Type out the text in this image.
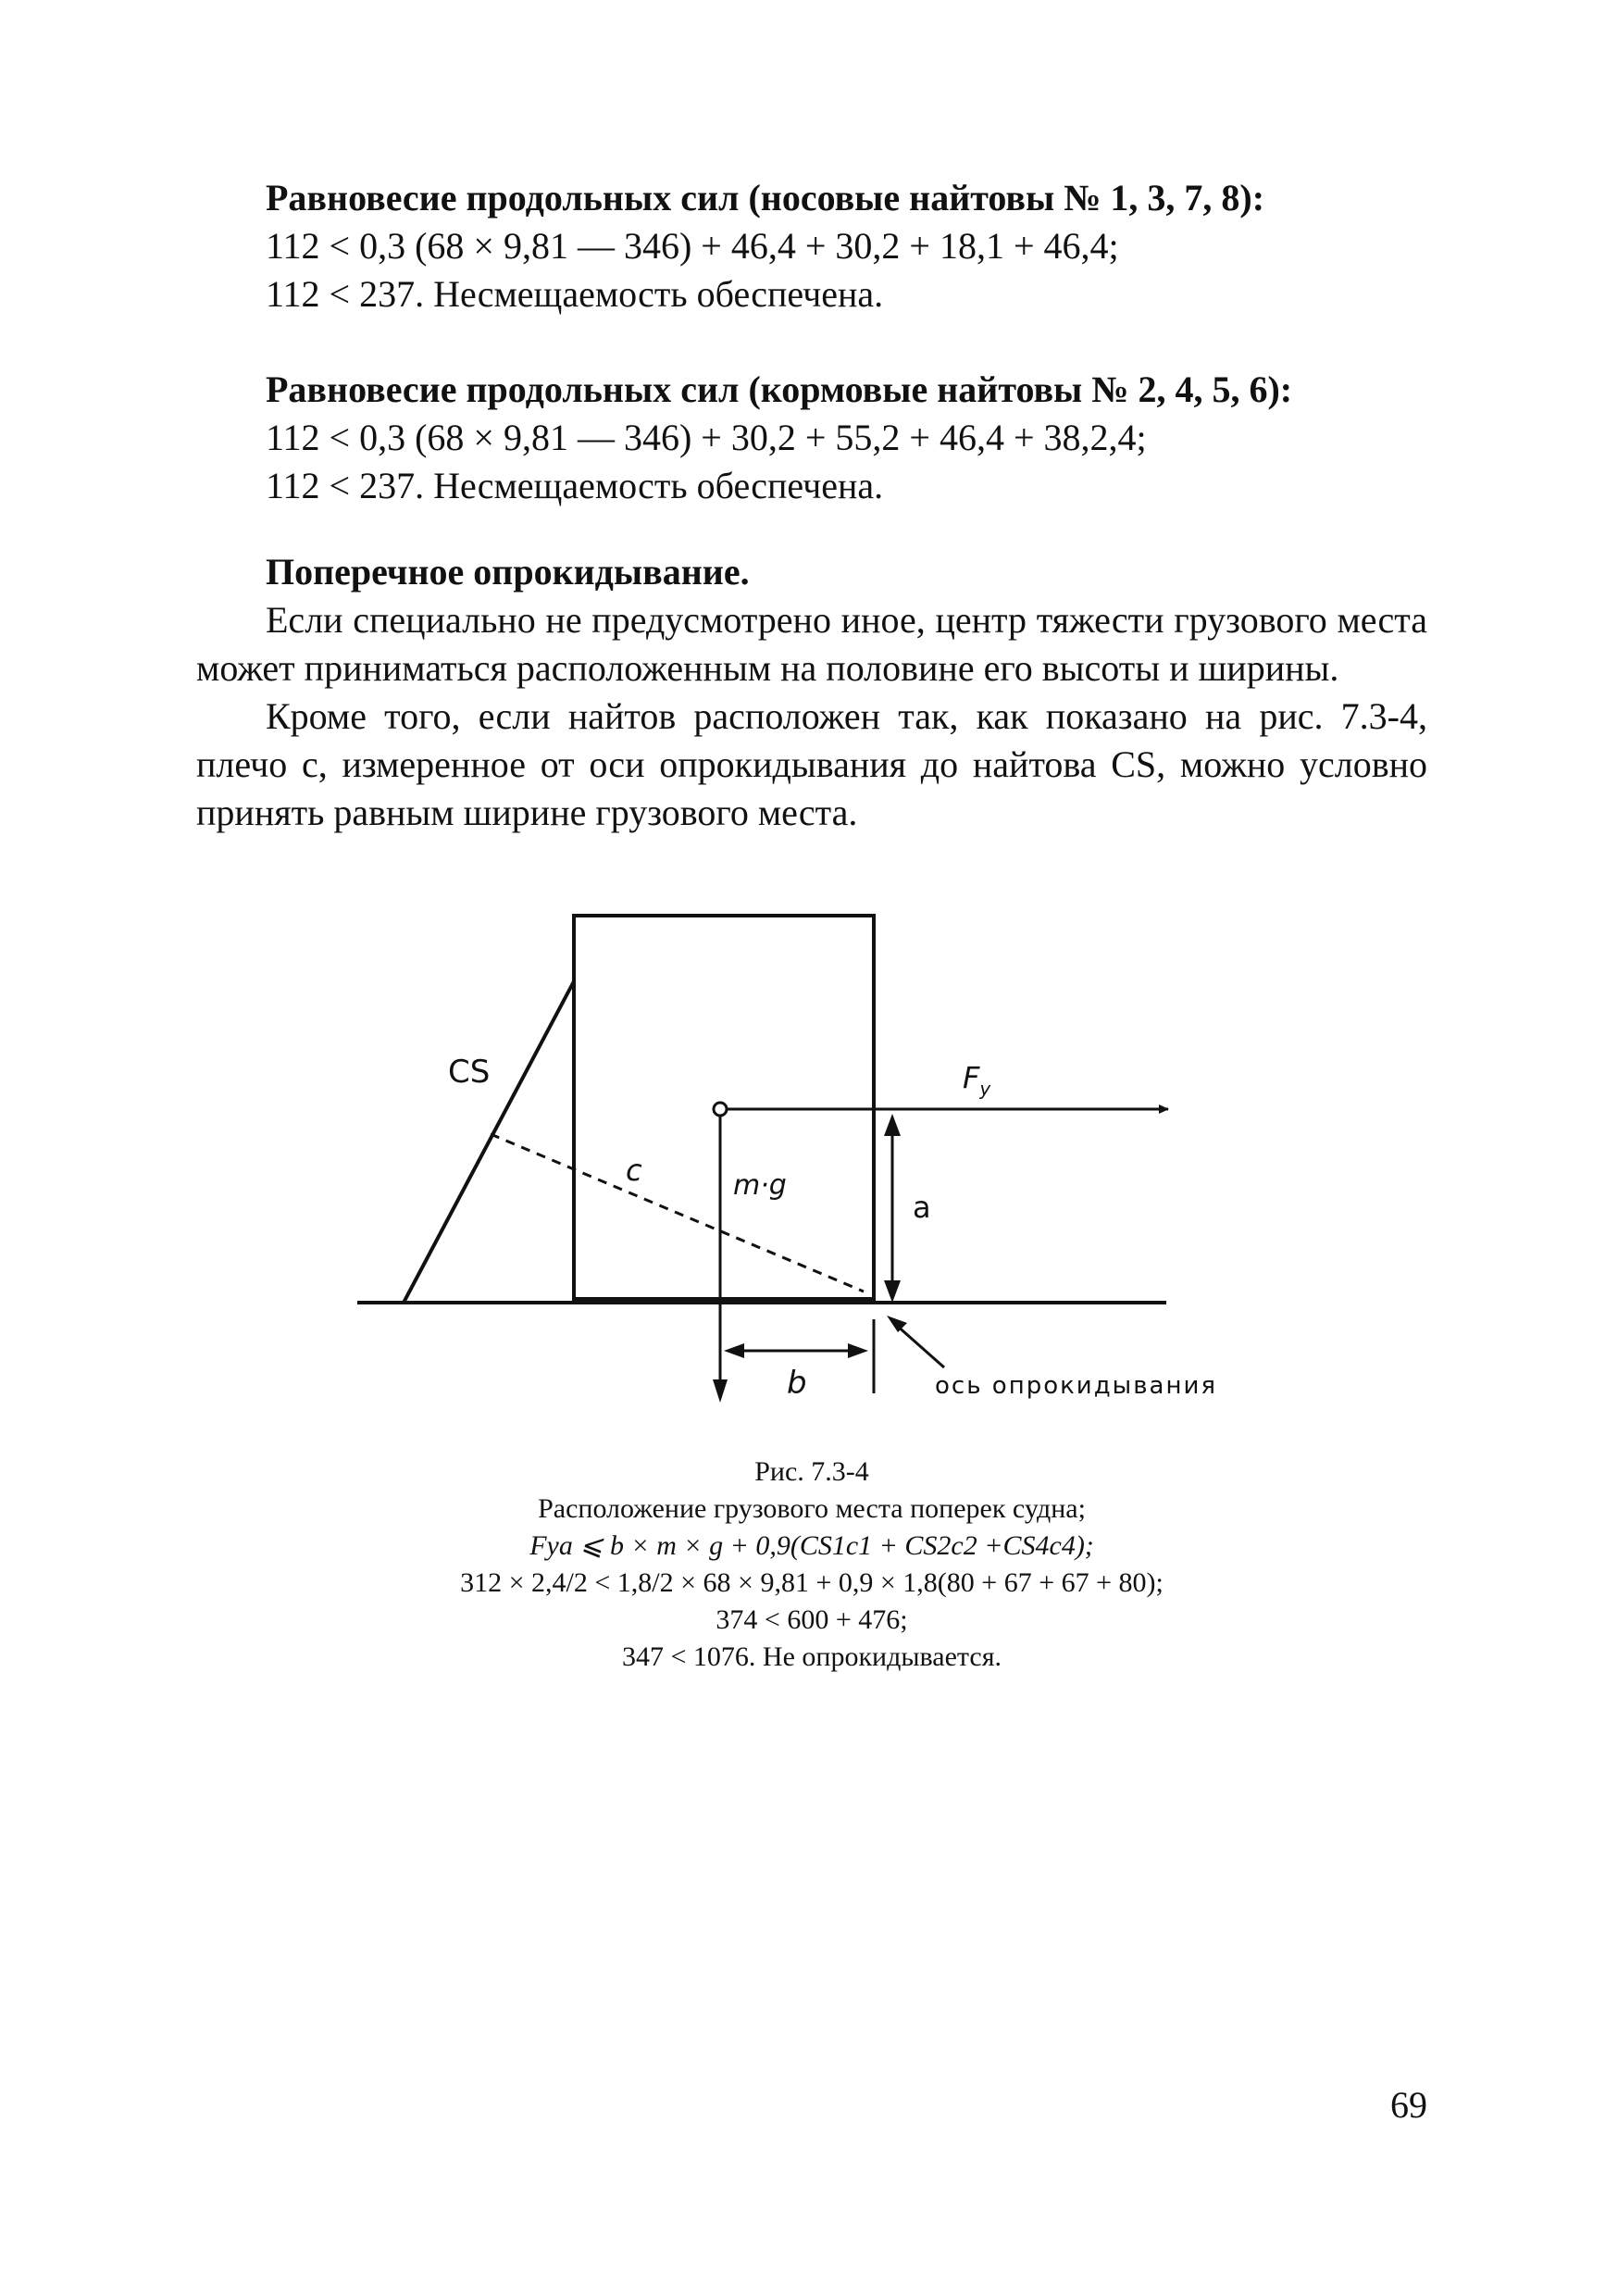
Равновесие продольных сил (носовые найтовы № 1, 3, 7, 8):

112 < 0,3 (68 × 9,81 — 346) + 46,4 + 30,2 + 18,1 + 46,4;

112 < 237. Несмещаемость обеспечена.

Равновесие продольных сил (кормовые найтовы № 2, 4, 5, 6):

112 < 0,3 (68 × 9,81 — 346) + 30,2 + 55,2 + 46,4 + 38,2,4;

112 < 237. Несмещаемость обеспечена.

Поперечное опрокидывание.

Если специально не предусмотрено иное, центр тяжести грузового места может приниматься расположенным на половине его высоты и ширины.

Кроме того, если найтов расположен так, как показано на рис. 7.3-4, плечо c, измеренное от оси опрокидывания до найтова CS, можно условно принять равным ширине грузового места.

CS
c
$F_y$
m·g
a
b	ось опрокидывания

Рис. 7.3-4

Расположение грузового места поперек судна;

Fya ⩽ b × m × g + 0,9(CS1c1 + CS2c2 +CS4c4);

312 × 2,4/2 < 1,8/2 × 68 × 9,81 + 0,9 × 1,8(80 + 67 + 67 + 80);

374 < 600 + 476;

347 < 1076. Не опрокидывается.

69
